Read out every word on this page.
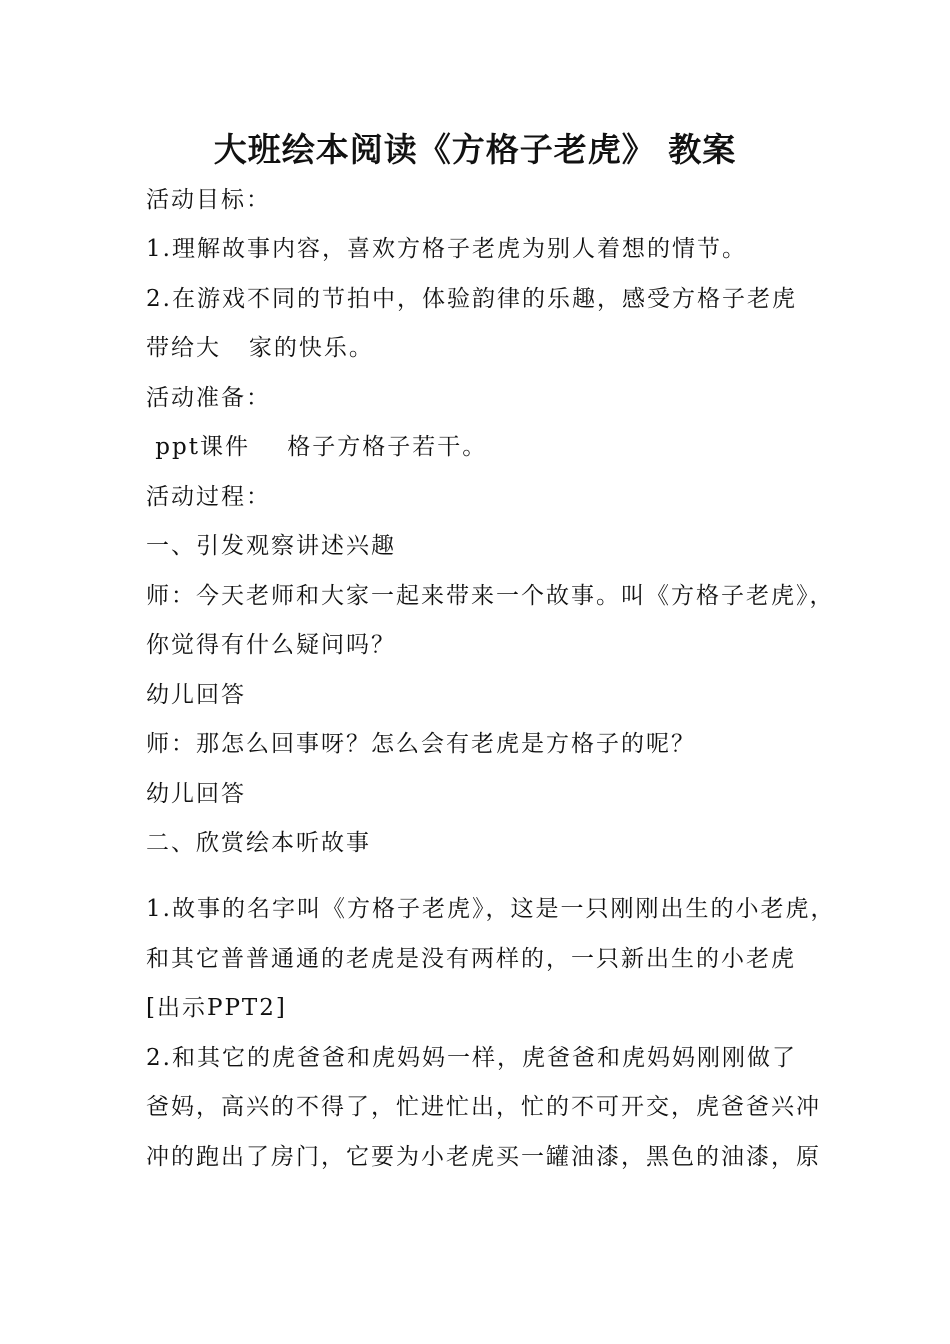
大班绘本阅读《方格子老虎》 教案
活动目标：
1.理解故事内容，喜欢方格子老虎为别人着想的情节。
2.在游戏不同的节拍中，体验韵律的乐趣，感受方格子老虎
带给大   家的快乐。
活动准备：
ppt课件    格子方格子若干。
活动过程：
一、引发观察讲述兴趣
师：今天老师和大家一起来带来一个故事。叫《方格子老虎》，
你觉得有什么疑问吗？
幼儿回答
师：那怎么回事呀？怎么会有老虎是方格子的呢？
幼儿回答
二、欣赏绘本听故事
1.故事的名字叫《方格子老虎》，这是一只刚刚出生的小老虎，
和其它普普通通的老虎是没有两样的，一只新出生的小老虎
[出示PPT2]
2.和其它的虎爸爸和虎妈妈一样，虎爸爸和虎妈妈刚刚做了
爸妈，高兴的不得了，忙进忙出，忙的不可开交，虎爸爸兴冲
冲的跑出了房门，它要为小老虎买一罐油漆，黑色的油漆，原
